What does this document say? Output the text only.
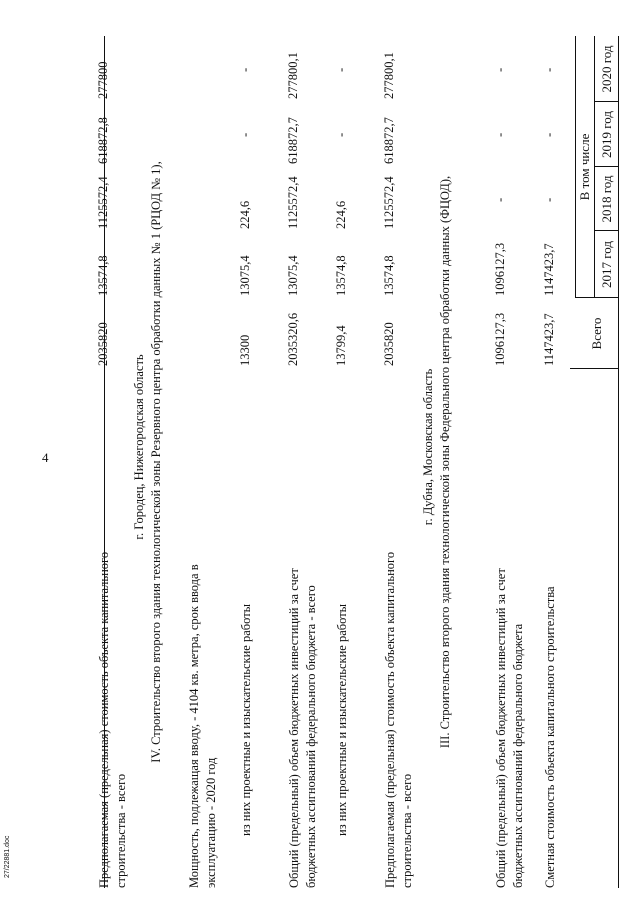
4
27/22881.doc
Всего
В том числе
2017 год
2018 год
2019 год
2020 год
Сметная стоимость объекта капитального строительства
1147423,7
1147423,7
-
-
-
Общий (предельный) объем бюджетных инвестиций за счет бюджетных ассигнований федерального бюджета
1096127,3
1096127,3
-
-
-
III. Строительство второго здания технологической зоны Федерального центра обработки данных (ФЦОД),
г. Дубна, Московская область
Предполагаемая (предельная) стоимость объекта капитального строительства - всего
2035820
13574,8
1125572,4
618872,7
277800,1
из них проектные и изыскательские работы
13799,4
13574,8
224,6
-
-
Общий (предельный) объем бюджетных инвестиций за счет бюджетных ассигнований федерального бюджета - всего
2035320,6
13075,4
1125572,4
618872,7
277800,1
из них проектные и изыскательские работы
13300
13075,4
224,6
-
-
Мощность, подлежащая вводу, - 4104 кв. метра, срок ввода в эксплуатацию - 2020 год
IV. Строительство второго здания технологической зоны Резервного центра обработки данных № 1 (РЦОД № 1),
г. Городец, Нижегородская область
Предполагаемая (предельная) стоимость объекта капитального строительства - всего
2035820
13574,8
1125572,4
618872,8
277800
